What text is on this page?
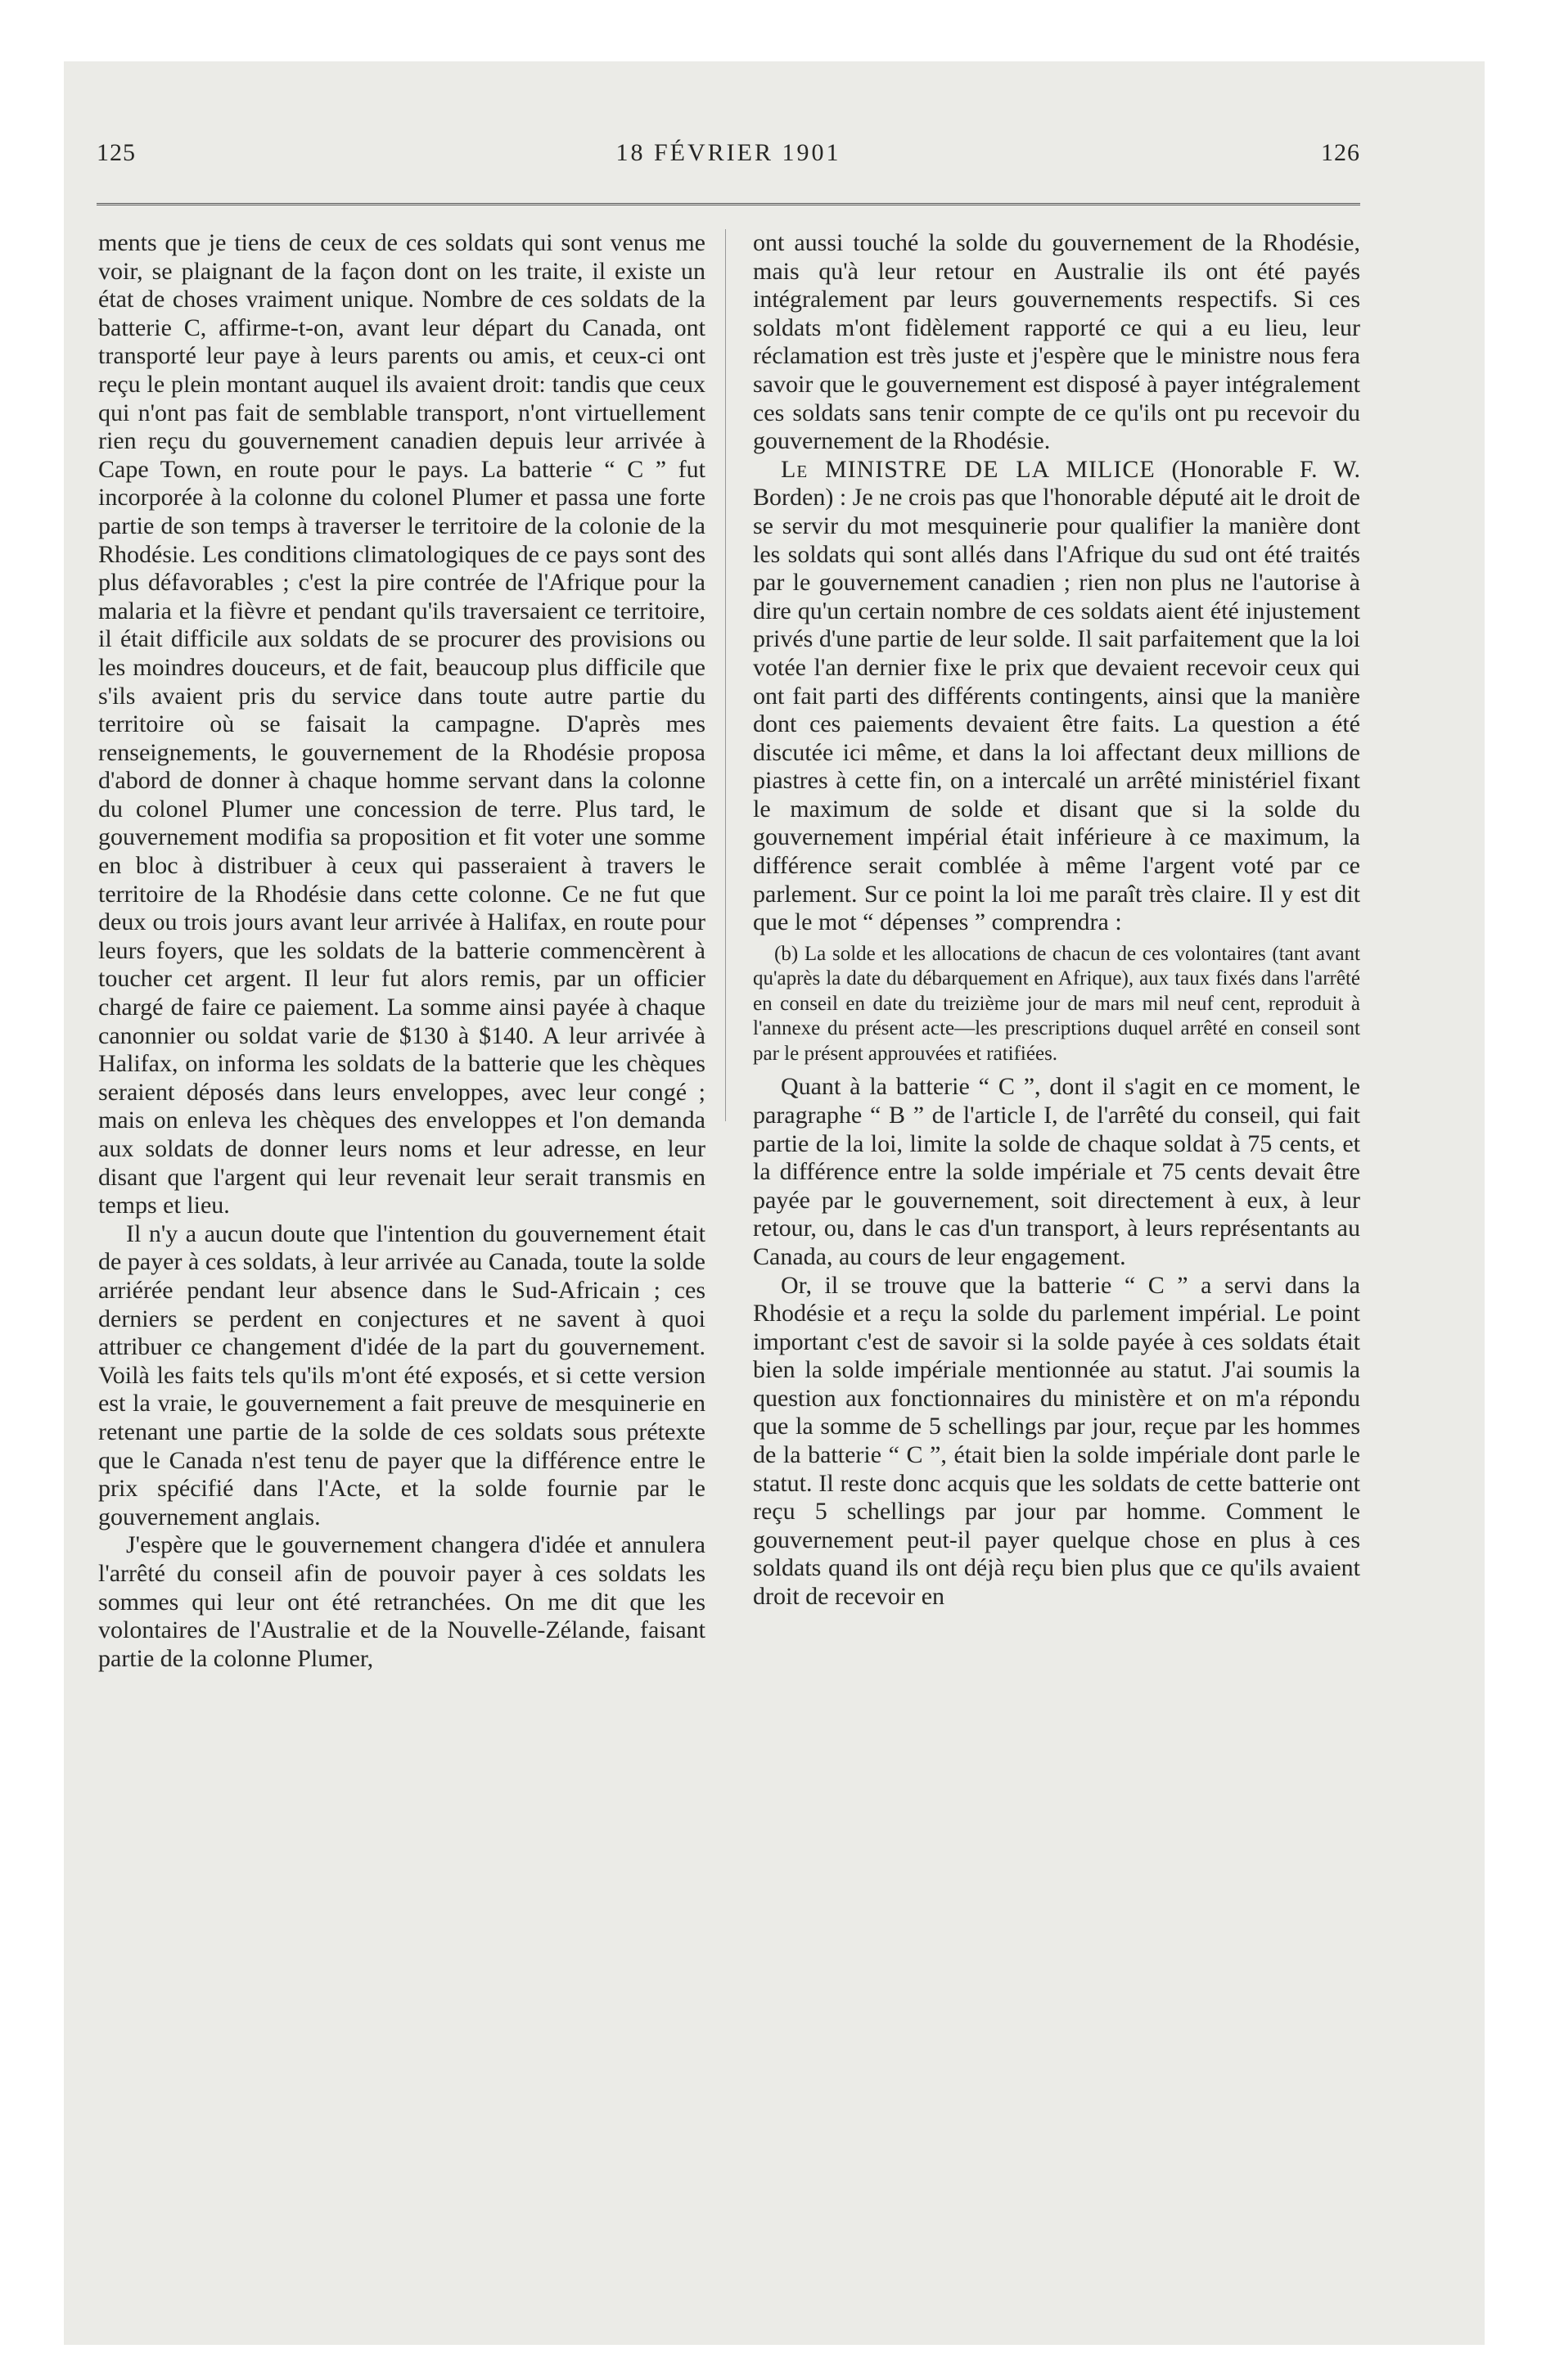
125	18 FÉVRIER 1901	126

ments que je tiens de ceux de ces soldats qui sont venus me voir, se plaignant de la façon dont on les traite, il existe un état de choses vraiment unique. Nombre de ces soldats de la batterie C, affirme-t-on, avant leur départ du Canada, ont transporté leur paye à leurs parents ou amis, et ceux-ci ont reçu le plein montant auquel ils avaient droit: tandis que ceux qui n'ont pas fait de semblable transport, n'ont virtuellement rien reçu du gouvernement canadien depuis leur arrivée à Cape Town, en route pour le pays. La batterie “ C ” fut incorporée à la colonne du colonel Plumer et passa une forte partie de son temps à traverser le territoire de la colonie de la Rhodésie. Les conditions climatologiques de ce pays sont des plus défavorables ; c'est la pire contrée de l'Afrique pour la malaria et la fièvre et pendant qu'ils traversaient ce territoire, il était difficile aux soldats de se procurer des provisions ou les moindres douceurs, et de fait, beaucoup plus difficile que s'ils avaient pris du service dans toute autre partie du territoire où se faisait la campagne. D'après mes renseignements, le gouvernement de la Rhodésie proposa d'abord de donner à chaque homme servant dans la colonne du colonel Plumer une concession de terre. Plus tard, le gouvernement modifia sa proposition et fit voter une somme en bloc à distribuer à ceux qui passeraient à travers le territoire de la Rhodésie dans cette colonne. Ce ne fut que deux ou trois jours avant leur arrivée à Halifax, en route pour leurs foyers, que les soldats de la batterie commencèrent à toucher cet argent. Il leur fut alors remis, par un officier chargé de faire ce paiement. La somme ainsi payée à chaque canonnier ou soldat varie de $130 à $140. A leur arrivée à Halifax, on informa les soldats de la batterie que les chèques seraient déposés dans leurs enveloppes, avec leur congé ; mais on enleva les chèques des enveloppes et l'on demanda aux soldats de donner leurs noms et leur adresse, en leur disant que l'argent qui leur revenait leur serait transmis en temps et lieu.

Il n'y a aucun doute que l'intention du gouvernement était de payer à ces soldats, à leur arrivée au Canada, toute la solde arriérée pendant leur absence dans le Sud-Africain ; ces derniers se perdent en conjectures et ne savent à quoi attribuer ce changement d'idée de la part du gouvernement. Voilà les faits tels qu'ils m'ont été exposés, et si cette version est la vraie, le gouvernement a fait preuve de mesquinerie en retenant une partie de la solde de ces soldats sous prétexte que le Canada n'est tenu de payer que la différence entre le prix spécifié dans l'Acte, et la solde fournie par le gouvernement anglais.

J'espère que le gouvernement changera d'idée et annulera l'arrêté du conseil afin de pouvoir payer à ces soldats les sommes qui leur ont été retranchées. On me dit que les volontaires de l'Australie et de la Nouvelle-Zélande, faisant partie de la colonne Plumer,

ont aussi touché la solde du gouvernement de la Rhodésie, mais qu'à leur retour en Australie ils ont été payés intégralement par leurs gouvernements respectifs. Si ces soldats m'ont fidèlement rapporté ce qui a eu lieu, leur réclamation est très juste et j'espère que le ministre nous fera savoir que le gouvernement est disposé à payer intégralement ces soldats sans tenir compte de ce qu'ils ont pu recevoir du gouvernement de la Rhodésie.

Le MINISTRE DE LA MILICE (Honorable F. W. Borden) : Je ne crois pas que l'honorable député ait le droit de se servir du mot mesquinerie pour qualifier la manière dont les soldats qui sont allés dans l'Afrique du sud ont été traités par le gouvernement canadien ; rien non plus ne l'autorise à dire qu'un certain nombre de ces soldats aient été injustement privés d'une partie de leur solde. Il sait parfaitement que la loi votée l'an dernier fixe le prix que devaient recevoir ceux qui ont fait parti des différents contingents, ainsi que la manière dont ces paiements devaient être faits. La question a été discutée ici même, et dans la loi affectant deux millions de piastres à cette fin, on a intercalé un arrêté ministériel fixant le maximum de solde et disant que si la solde du gouvernement impérial était inférieure à ce maximum, la différence serait comblée à même l'argent voté par ce parlement. Sur ce point la loi me paraît très claire. Il y est dit que le mot “ dépenses ” comprendra :

(b) La solde et les allocations de chacun de ces volontaires (tant avant qu'après la date du débarquement en Afrique), aux taux fixés dans l'arrêté en conseil en date du treizième jour de mars mil neuf cent, reproduit à l'annexe du présent acte—les prescriptions duquel arrêté en conseil sont par le présent approuvées et ratifiées.

Quant à la batterie “ C ”, dont il s'agit en ce moment, le paragraphe “ B ” de l'article I, de l'arrêté du conseil, qui fait partie de la loi, limite la solde de chaque soldat à 75 cents, et la différence entre la solde impériale et 75 cents devait être payée par le gouvernement, soit directement à eux, à leur retour, ou, dans le cas d'un transport, à leurs représentants au Canada, au cours de leur engagement.

Or, il se trouve que la batterie “ C ” a servi dans la Rhodésie et a reçu la solde du parlement impérial. Le point important c'est de savoir si la solde payée à ces soldats était bien la solde impériale mentionnée au statut. J'ai soumis la question aux fonctionnaires du ministère et on m'a répondu que la somme de 5 schellings par jour, reçue par les hommes de la batterie “ C ”, était bien la solde impériale dont parle le statut. Il reste donc acquis que les soldats de cette batterie ont reçu 5 schellings par jour par homme. Comment le gouvernement peut-il payer quelque chose en plus à ces soldats quand ils ont déjà reçu bien plus que ce qu'ils avaient droit de recevoir en
